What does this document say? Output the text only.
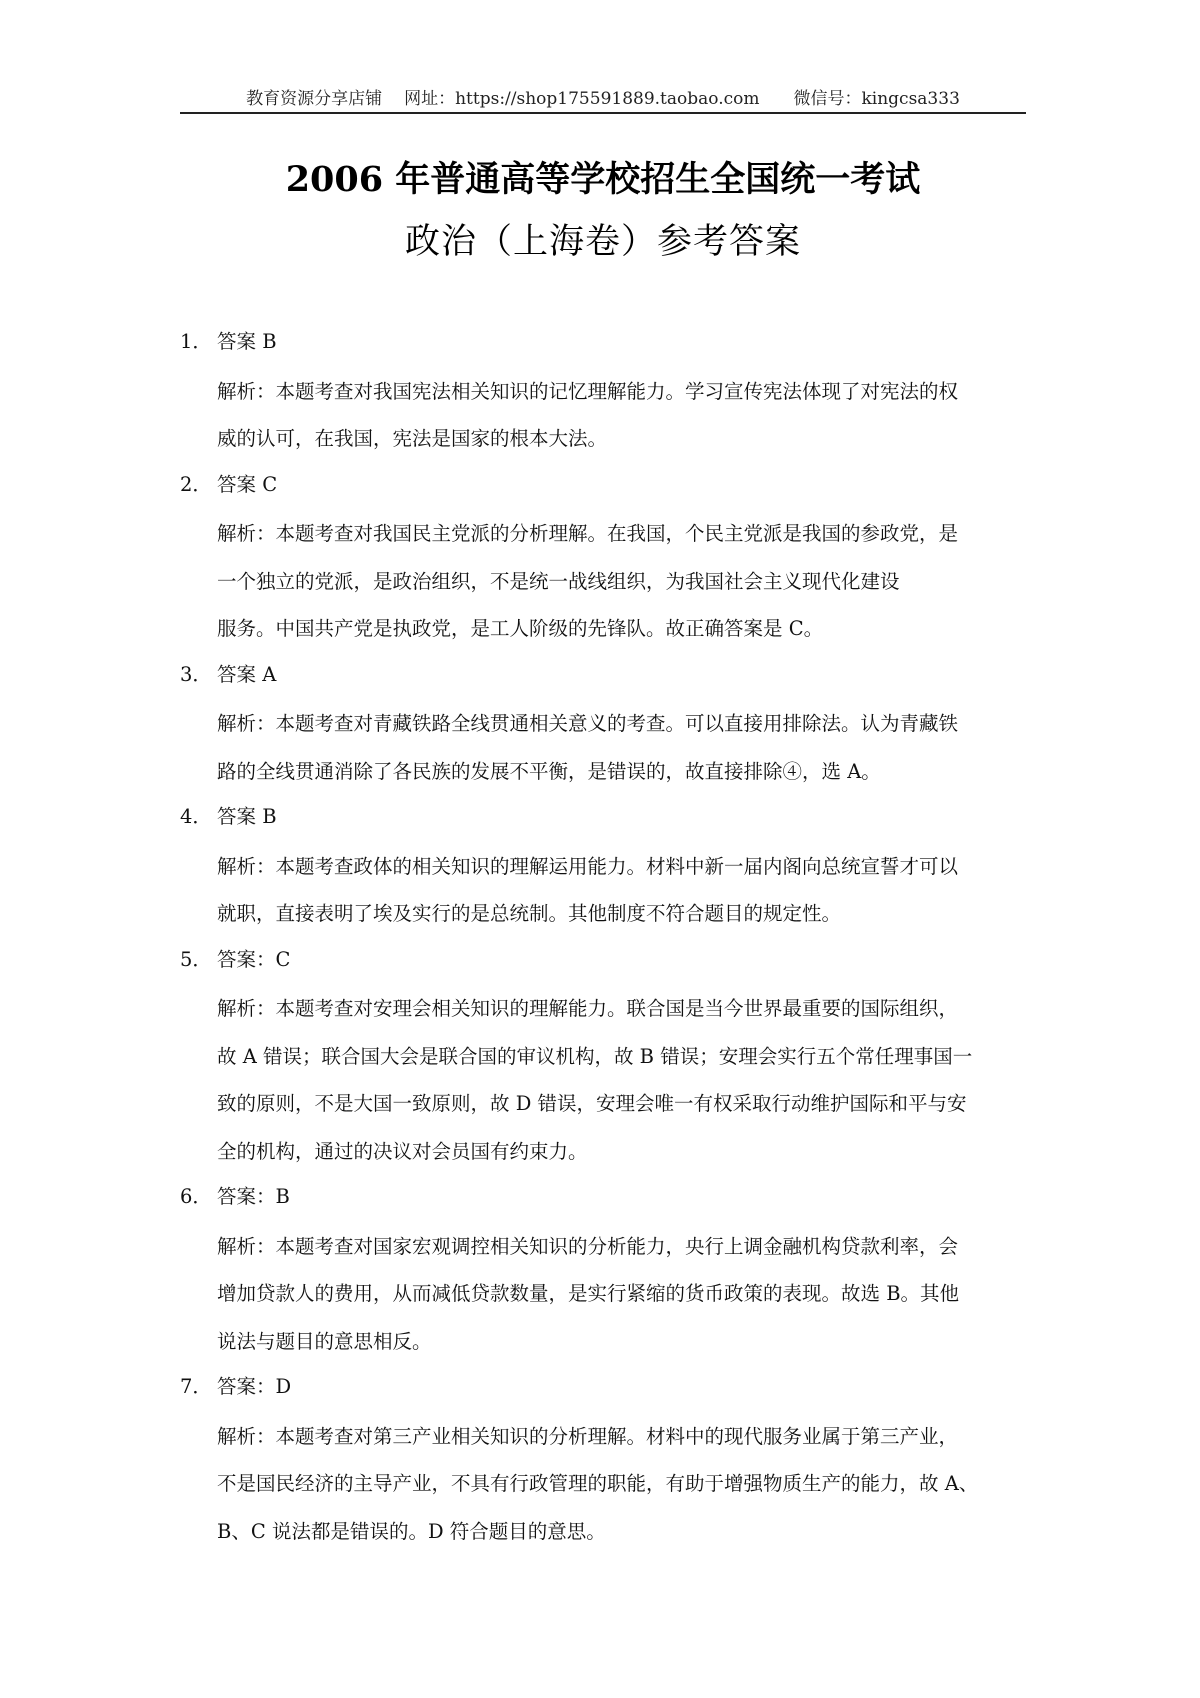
教育资源分享店铺 网址：https://shop175591889.taobao.com 微信号：kingcsa333
2006 年普通高等学校招生全国统一考试
政治（上海卷）参考答案
1． 答案 B
解析：本题考查对我国宪法相关知识的记忆理解能力。学习宣传宪法体现了对宪法的权
威的认可，在我国，宪法是国家的根本大法。
2． 答案 C
解析：本题考查对我国民主党派的分析理解。在我国，个民主党派是我国的参政党，是
一个独立的党派，是政治组织，不是统一战线组织，为我国社会主义现代化建设
服务。中国共产党是执政党，是工人阶级的先锋队。故正确答案是 C。
3． 答案 A
解析：本题考查对青藏铁路全线贯通相关意义的考查。可以直接用排除法。认为青藏铁
路的全线贯通消除了各民族的发展不平衡，是错误的，故直接排除④，选 A。
4． 答案 B
解析：本题考查政体的相关知识的理解运用能力。材料中新一届内阁向总统宣誓才可以
就职，直接表明了埃及实行的是总统制。其他制度不符合题目的规定性。
5． 答案：C
解析：本题考查对安理会相关知识的理解能力。联合国是当今世界最重要的国际组织，
故 A 错误；联合国大会是联合国的审议机构，故 B 错误；安理会实行五个常任理事国一
致的原则，不是大国一致原则，故 D 错误，安理会唯一有权采取行动维护国际和平与安
全的机构，通过的决议对会员国有约束力。
6． 答案：B
解析：本题考查对国家宏观调控相关知识的分析能力，央行上调金融机构贷款利率，会
增加贷款人的费用，从而减低贷款数量，是实行紧缩的货币政策的表现。故选 B。其他
说法与题目的意思相反。
7． 答案：D
解析：本题考查对第三产业相关知识的分析理解。材料中的现代服务业属于第三产业，
不是国民经济的主导产业，不具有行政管理的职能，有助于增强物质生产的能力，故 A、
B、C 说法都是错误的。D 符合题目的意思。
